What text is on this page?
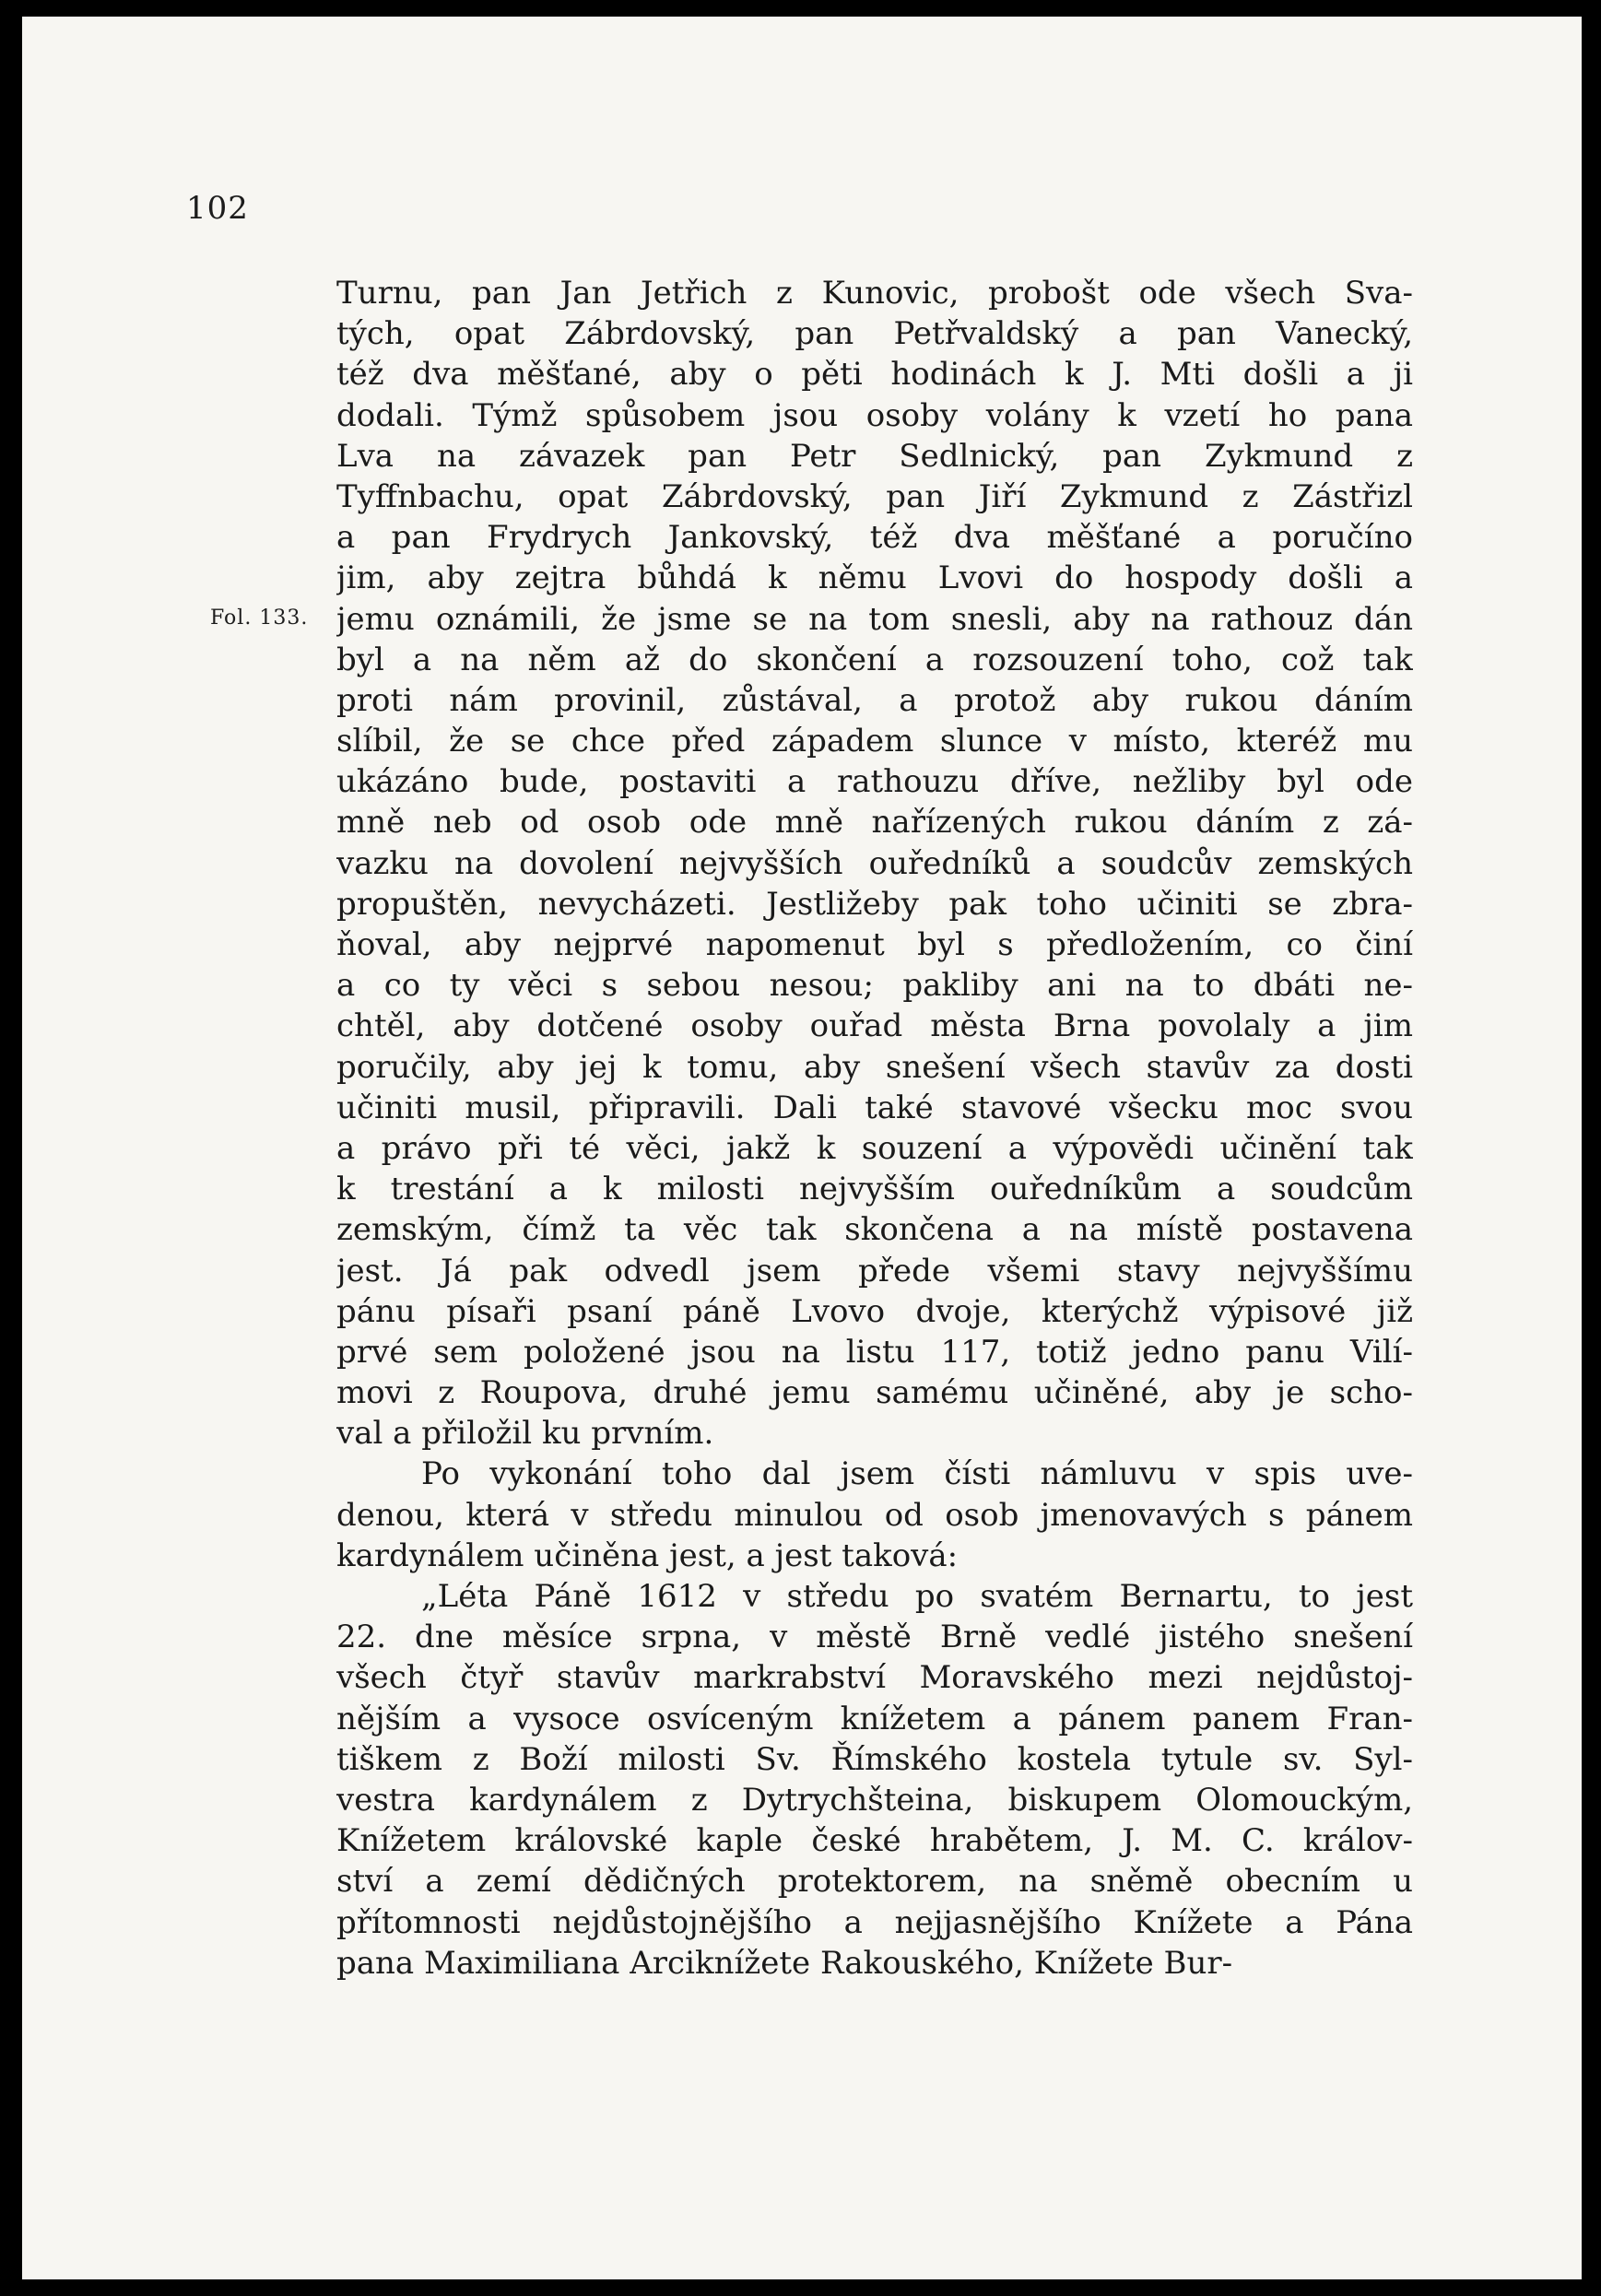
102
Fol. 133.
Turnu, pan Jan Jetřich z Kunovic, probošt ode všech Sva-
tých, opat Zábrdovský, pan Petřvaldský a pan Vanecký,
též dva měšťané, aby o pěti hodinách k J. Mti došli a ji
dodali. Týmž spůsobem jsou osoby volány k vzetí ho pana
Lva na závazek pan Petr Sedlnický, pan Zykmund z
Tyffnbachu, opat Zábrdovský, pan Jiří Zykmund z Zástřizl
a pan Frydrych Jankovský, též dva měšťané a poručíno
jim, aby zejtra bůhdá k němu Lvovi do hospody došli a
jemu oznámili, že jsme se na tom snesli, aby na rathouz dán
byl a na něm až do skončení a rozsouzení toho, což tak
proti nám provinil, zůstával, a protož aby rukou dáním
slíbil, že se chce před západem slunce v místo, kteréž mu
ukázáno bude, postaviti a rathouzu dříve, nežliby byl ode
mně neb od osob ode mně nařízených rukou dáním z zá-
vazku na dovolení nejvyšších ouředníků a soudcův zemských
propuštěn, nevycházeti. Jestližeby pak toho učiniti se zbra-
ňoval, aby nejprvé napomenut byl s předložením, co činí
a co ty věci s sebou nesou; pakliby ani na to dbáti ne-
chtěl, aby dotčené osoby ouřad města Brna povolaly a jim
poručily, aby jej k tomu, aby snešení všech stavův za dosti
učiniti musil, připravili. Dali také stavové všecku moc svou
a právo při té věci, jakž k souzení a výpovědi učinění tak
k trestání a k milosti nejvyšším ouředníkům a soudcům
zemským, čímž ta věc tak skončena a na místě postavena
jest. Já pak odvedl jsem přede všemi stavy nejvyššímu
pánu písaři psaní páně Lvovo dvoje, kterýchž výpisové již
prvé sem položené jsou na listu 117, totiž jedno panu Vilí-
movi z Roupova, druhé jemu samému učiněné, aby je scho-
val a přiložil ku prvním.
Po vykonání toho dal jsem čísti námluvu v spis uve-
denou, která v středu minulou od osob jmenovavých s pánem
kardynálem učiněna jest, a jest taková:
„Léta Páně 1612 v středu po svatém Bernartu, to jest
22. dne měsíce srpna, v městě Brně vedlé jistého snešení
všech čtyř stavův markrabství Moravského mezi nejdůstoj-
nějším a vysoce osvíceným knížetem a pánem panem Fran-
tiškem z Boží milosti Sv. Římského kostela tytule sv. Syl-
vestra kardynálem z Dytrychšteina, biskupem Olomouckým,
Knížetem královské kaple české hrabětem, J. M. C. králov-
ství a zemí dědičných protektorem, na sněmě obecním u
přítomnosti nejdůstojnějšího a nejjasnějšího Knížete a Pána
pana Maximiliana Arciknížete Rakouského, Knížete Bur-
